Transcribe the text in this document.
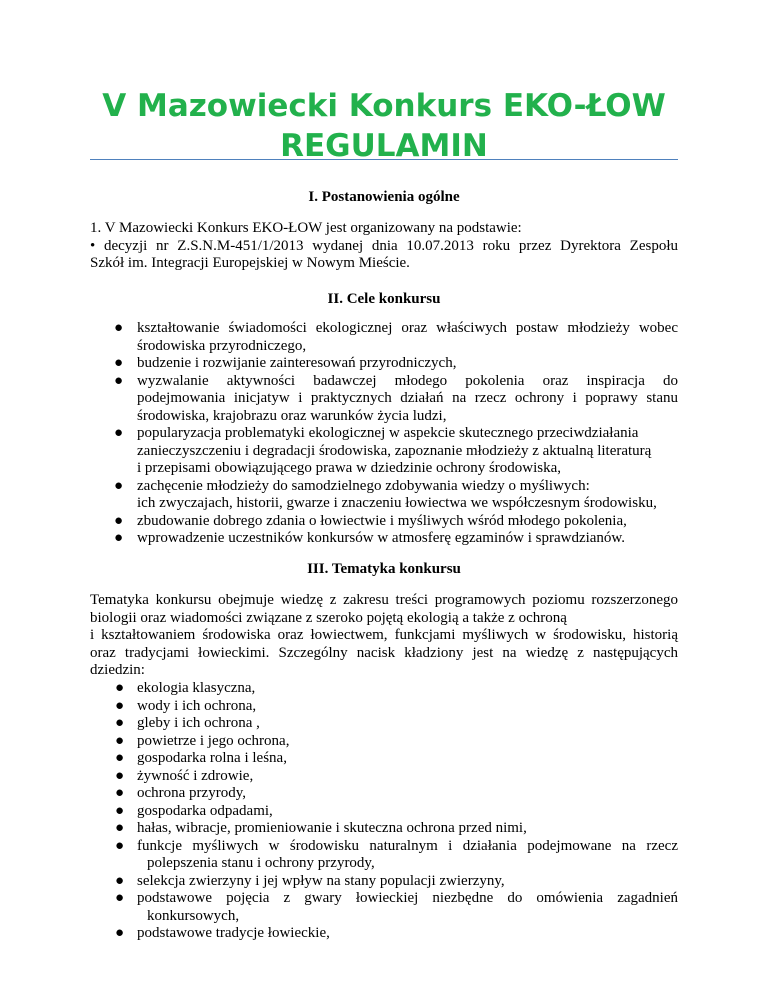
V Mazowiecki Konkurs EKO-ŁOW
REGULAMIN
I. Postanowienia ogólne
1. V Mazowiecki Konkurs EKO-ŁOW jest organizowany na podstawie:
• decyzji nr Z.S.N.M-451/1/2013 wydanej dnia 10.07.2013 roku przez Dyrektora Zespołu
Szkół im. Integracji Europejskiej w Nowym Mieście.
II. Cele konkursu
● kształtowanie świadomości ekologicznej oraz właściwych postaw młodzieży wobec
środowiska przyrodniczego,
● budzenie i rozwijanie zainteresowań przyrodniczych,
● wyzwalanie aktywności badawczej młodego pokolenia oraz inspiracja do
podejmowania inicjatyw i praktycznych działań na rzecz ochrony i poprawy stanu
środowiska, krajobrazu oraz warunków życia ludzi,
● popularyzacja problematyki ekologicznej w aspekcie skutecznego przeciwdziałania
zanieczyszczeniu i degradacji środowiska, zapoznanie młodzieży z aktualną literaturą
i przepisami obowiązującego prawa w dziedzinie ochrony środowiska,
● zachęcenie młodzieży do samodzielnego zdobywania wiedzy o myśliwych:
ich zwyczajach, historii, gwarze i znaczeniu łowiectwa we współczesnym środowisku,
● zbudowanie dobrego zdania o łowiectwie i myśliwych wśród młodego pokolenia,
● wprowadzenie uczestników konkursów w atmosferę egzaminów i sprawdzianów.
III. Tematyka konkursu
Tematyka konkursu obejmuje wiedzę z zakresu treści programowych poziomu rozszerzonego
biologii oraz wiadomości związane z szeroko pojętą ekologią a także z ochroną
i kształtowaniem środowiska oraz łowiectwem, funkcjami myśliwych w środowisku, historią
oraz tradycjami łowieckimi. Szczególny nacisk kładziony jest na wiedzę z następujących
dziedzin:
● ekologia klasyczna,
● wody i ich ochrona,
● gleby i ich ochrona ,
● powietrze i jego ochrona,
● gospodarka rolna i leśna,
● żywność i zdrowie,
● ochrona przyrody,
● gospodarka odpadami,
● hałas, wibracje, promieniowanie i skuteczna ochrona przed nimi,
● funkcje myśliwych w środowisku naturalnym i działania podejmowane na rzecz
polepszenia stanu i ochrony przyrody,
● selekcja zwierzyny i jej wpływ na stany populacji zwierzyny,
● podstawowe pojęcia z gwary łowieckiej niezbędne do omówienia zagadnień
konkursowych,
● podstawowe tradycje łowieckie,
